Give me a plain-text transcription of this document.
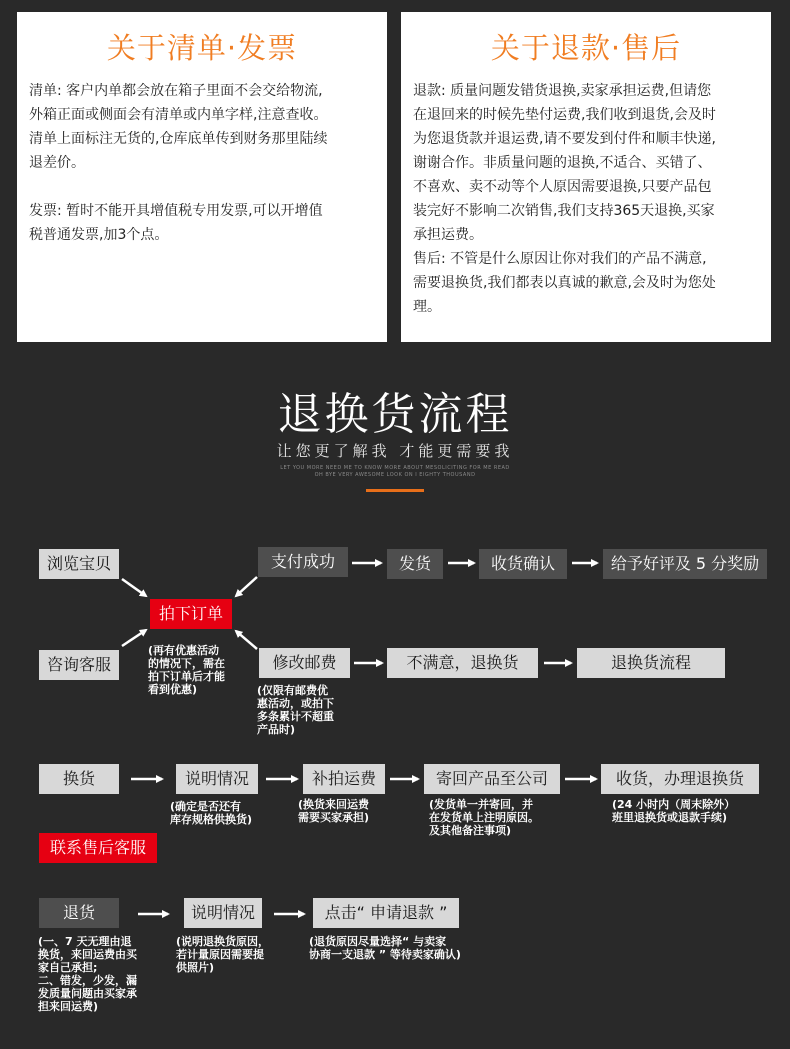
关于清单·发票

清单: 客户内单都会放在箱子里面不会交给物流,
外箱正面或侧面会有清单或内单字样,注意查收。
清单上面标注无货的,仓库底单传到财务那里陆续
退差价。

发票: 暂时不能开具增值税专用发票,可以开增值
税普通发票,加3个点。

关于退款·售后

退款: 质量问题发错货退换,卖家承担运费,但请您
在退回来的时候先垫付运费,我们收到退货,会及时
为您退货款并退运费,请不要发到付件和顺丰快递,
谢谢合作。非质量问题的退换,不适合、买错了、
不喜欢、卖不动等个人原因需要退换,只要产品包
装完好不影响二次销售,我们支持365天退换,买家
承担运费。
售后: 不管是什么原因让你对我们的产品不满意,
需要退换货,我们都表以真诚的歉意,会及时为您处
理。

退换货流程
让您更了解我 才能更需要我
LET YOU MORE NEED ME TO KNOW MORE ABOUT MESOLICITING FOR ME READ
OH BYE VERY AWESOME LOOK ON I EIGHTY THOUSAND
浏览宝贝	支付成功	发货	收货确认	给予好评及 5 分奖励
拍下订单
(再有优惠活动
的情况下，需在
拍下订单后才能
看到优惠)
咨询客服	修改邮费	不满意，退换货	退换货流程
(仅限有邮费优
惠活动，或拍下
多条累计不超重
产品时)
换货	说明情况	补拍运费	寄回产品至公司	收货，办理退换货
(确定是否还有
库存规格供换货)
(换货来回运费
需要买家承担)
(发货单一并寄回，并
在发货单上注明原因。
及其他备注事项)
(24 小时内（周末除外）
班里退换货或退款手续)
联系售后客服
退货	说明情况	点击“ 申请退款 ”
(一、7 天无理由退
换货，来回运费由买
家自己承担;
二、错发，少发，漏
发质量问题由买家承
担来回运费)
(说明退换货原因，
若计量原因需要提
供照片)
(退货原因尽量选择“ 与卖家
协商一支退款 ” 等待卖家确认)
